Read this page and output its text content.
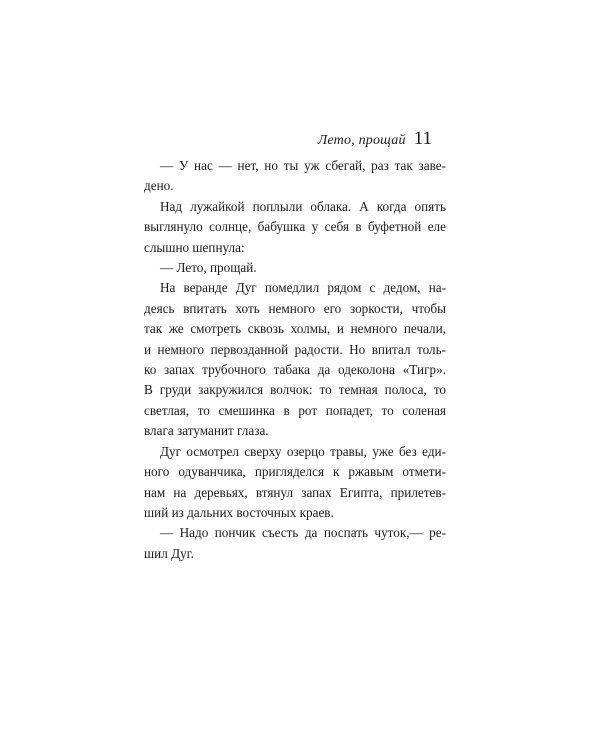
Лето, прощай 11
— У нас — нет, но ты уж сбегай, раз так заве-
дено.
Над лужайкой поплыли облака. А когда опять
выглянуло солнце, бабушка у себя в буфетной еле
слышно шепнула:
— Лето, прощай.
На веранде Дуг помедлил рядом с дедом, на-
деясь впитать хоть немного его зоркости, чтобы
так же смотреть сквозь холмы, и немного печали,
и немного первозданной радости. Но впитал толь-
ко запах трубочного табака да одеколона «Тигр».
В груди закружился волчок: то темная полоса, то
светлая, то смешинка в рот попадет, то соленая
влага затуманит глаза.
Дуг осмотрел сверху озерцо травы, уже без еди-
ного одуванчика, пригляделся к ржавым отмети-
нам на деревьях, втянул запах Египта, прилетев-
ший из дальних восточных краев.
— Надо пончик съесть да поспать чуток,— ре-
шил Дуг.
